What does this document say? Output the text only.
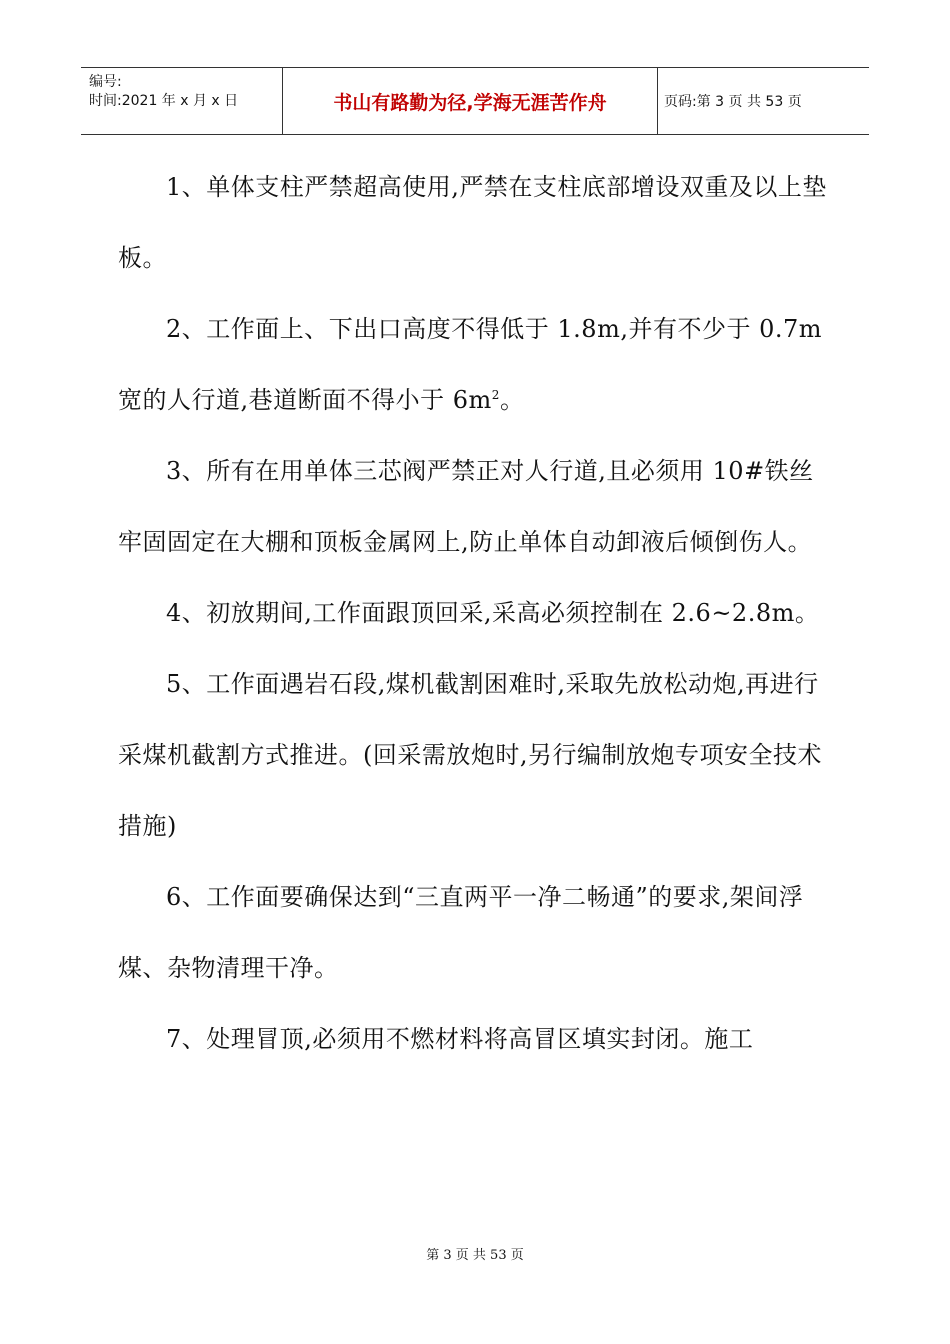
编号:
时间:2021 年 x 月 x 日	书山有路勤为径,学海无涯苦作舟	页码:第 3 页 共 53 页

1、单体支柱严禁超高使用,严禁在支柱底部增设双重及以上垫板。

2、工作面上、下出口高度不得低于 1.8m,并有不少于 0.7m 宽的人行道,巷道断面不得小于 $6m^2$。

3、所有在用单体三芯阀严禁正对人行道,且必须用 10#铁丝牢固固定在大棚和顶板金属网上,防止单体自动卸液后倾倒伤人。

4、初放期间,工作面跟顶回采,采高必须控制在 2.6~2.8m。

5、工作面遇岩石段,煤机截割困难时,采取先放松动炮,再进行采煤机截割方式推进。(回采需放炮时,另行编制放炮专项安全技术措施)

6、工作面要确保达到“三直两平一净二畅通”的要求,架间浮煤、杂物清理干净。

7、处理冒顶,必须用不燃材料将高冒区填实封闭。施工

第 3 页 共 53 页
